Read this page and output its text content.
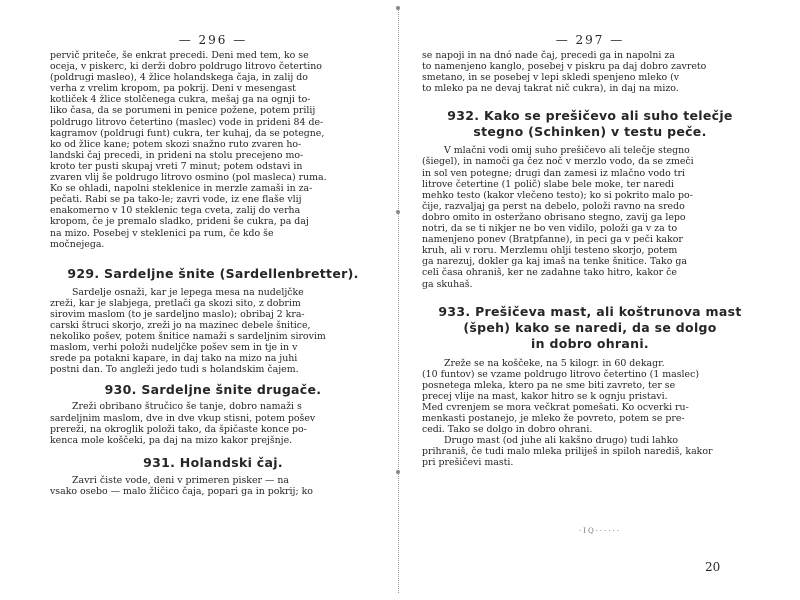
— 296 —
pervič priteče, še enkrat precedi. Deni med tem, ko se
oceja, v piskerc, ki derži dobro poldrugo litrovo četertino
(poldrugi masleo), 4 žlice holandskega čaja, in zalij do
verha z vrelim kropom, pa pokrij. Deni v mesengast
kotliček 4 žlice stolčenega cukra, mešaj ga na ognji to-
liko časa, da se porumeni in penice požene, potem prilij
poldrugo litrovo četertino (maslec) vode in prideni 84 de-
kagramov (poldrugi funt) cukra, ter kuhaj, da se potegne,
ko od žlice kane; potem skozi snažno ruto zvaren ho-
landski čaj precedi, in prideni na stolu precejeno mo-
kroto ter pusti skupaj vreti 7 minut; potem odstavi in
zvaren vlij še poldrugo litrovo osmino (pol masleca) ruma.
Ko se ohladi, napolni steklenice in merzle zamaši in za-
pečati. Rabi se pa tako-le; zavri vode, iz ene flaše vlij
enakomerno v 10 steklenic tega cveta, zalij do verha
kropom, če je premalo sladko, prideni še cukra, pa daj
na mizo. Posebej v steklenici pa rum, če kdo še
močnejega.
929. Sardeljne šnite (Sardellenbretter).
Sardelje osnaži, kar je lepega mesa na nudeljčke
zreži, kar je slabjega, pretlači ga skozi sito, z dobrim
sirovim maslom (to je sardeljno maslo); obribaj 2 kra-
carski štruci skorjo, zreži jo na mazinec debele šnitice,
nekoliko pošev, potem šnitice namaži s sardeljnim sirovim
maslom, verhi položi nudeljčke pošev sem in tje in v
srede pa potakni kapare, in daj tako na mizo na juhi
postni dan. To angleži jedo tudi s holandskim čajem.
930. Sardeljne šnite drugače.
Zreži obribano štručico še tanje, dobro namaži s
sardeljnim maslom, dve in dve vkup stisni, potem pošev
prereži, na okroglik položi tako, da špičaste konce po-
kenca mole koščeki, pa daj na mizo kakor prejšnje.
931. Holandski čaj.
Zavri čiste vode, deni v primeren pisker — na
vsako osebo — malo žličico čaja, popari ga in pokrij; ko
— 297 —
se napoji in na dnó nade čaj, precedi ga in napolni za
to namenjeno kanglo, posebej v piskru pa daj dobro zavreto
smetano, in se posebej v lepi skledi spenjeno mleko (v
to mleko pa ne devaj takrat nič cukra), in daj na mizo.
932. Kako se prešičevo ali suho telečje
stegno (Schinken) v testu peče.
V mlačni vodi omij suho prešičevo ali telečje stegno
(šiegel), in namoči ga čez noč v merzlo vodo, da se zmeči
in sol ven potegne; drugi dan zamesi iz mlačno vodo tri
litrove četertine (1 polič) slabe bele moke, ter naredi
mehko testo (kakor vlečeno testo); ko si pokrito malo po-
čije, razvaljaj ga perst na debelo, položi ravno na sredo
dobro omito in osteržano obrisano stegno, zavij ga lepo
notri, da se ti nikjer ne bo ven vidilo, položi ga v za to
namenjeno ponev (Bratpfanne), in peci ga v peči kakor
kruh, ali v roru. Merzlemu ohlji testeno skorjo, potem
ga narezuj, dokler ga kaj imaš na tenke šnitice. Tako ga
celi časa ohraniš, ker ne zadahne tako hitro, kakor če
ga skuhaš.
933. Prešičeva mast, ali koštrunova mast
(špeh) kako se naredi, da se dolgo
in dobro ohrani.
Zreže se na koščeke, na 5 kilogr. in 60 dekagr.
(10 funtov) se vzame poldrugo litrovo četertino (1 maslec)
posnetega mleka, ktero pa ne sme biti zavreto, ter se
precej vlije na mast, kakor hitro se k ognju pristavi.
Med cvrenjem se mora večkrat pomešati. Ko ocverki ru-
menkasti postanejo, je mleko že povreto, potem se pre-
cedi. Tako se dolgo in dobro ohrani.
Drugo mast (od juhe ali kakšno drugo) tudi lahko
prihraniš, če tudi malo mleka priliješ in spiloh narediš, kakor
pri prešičevi masti.
·IQ······
20
